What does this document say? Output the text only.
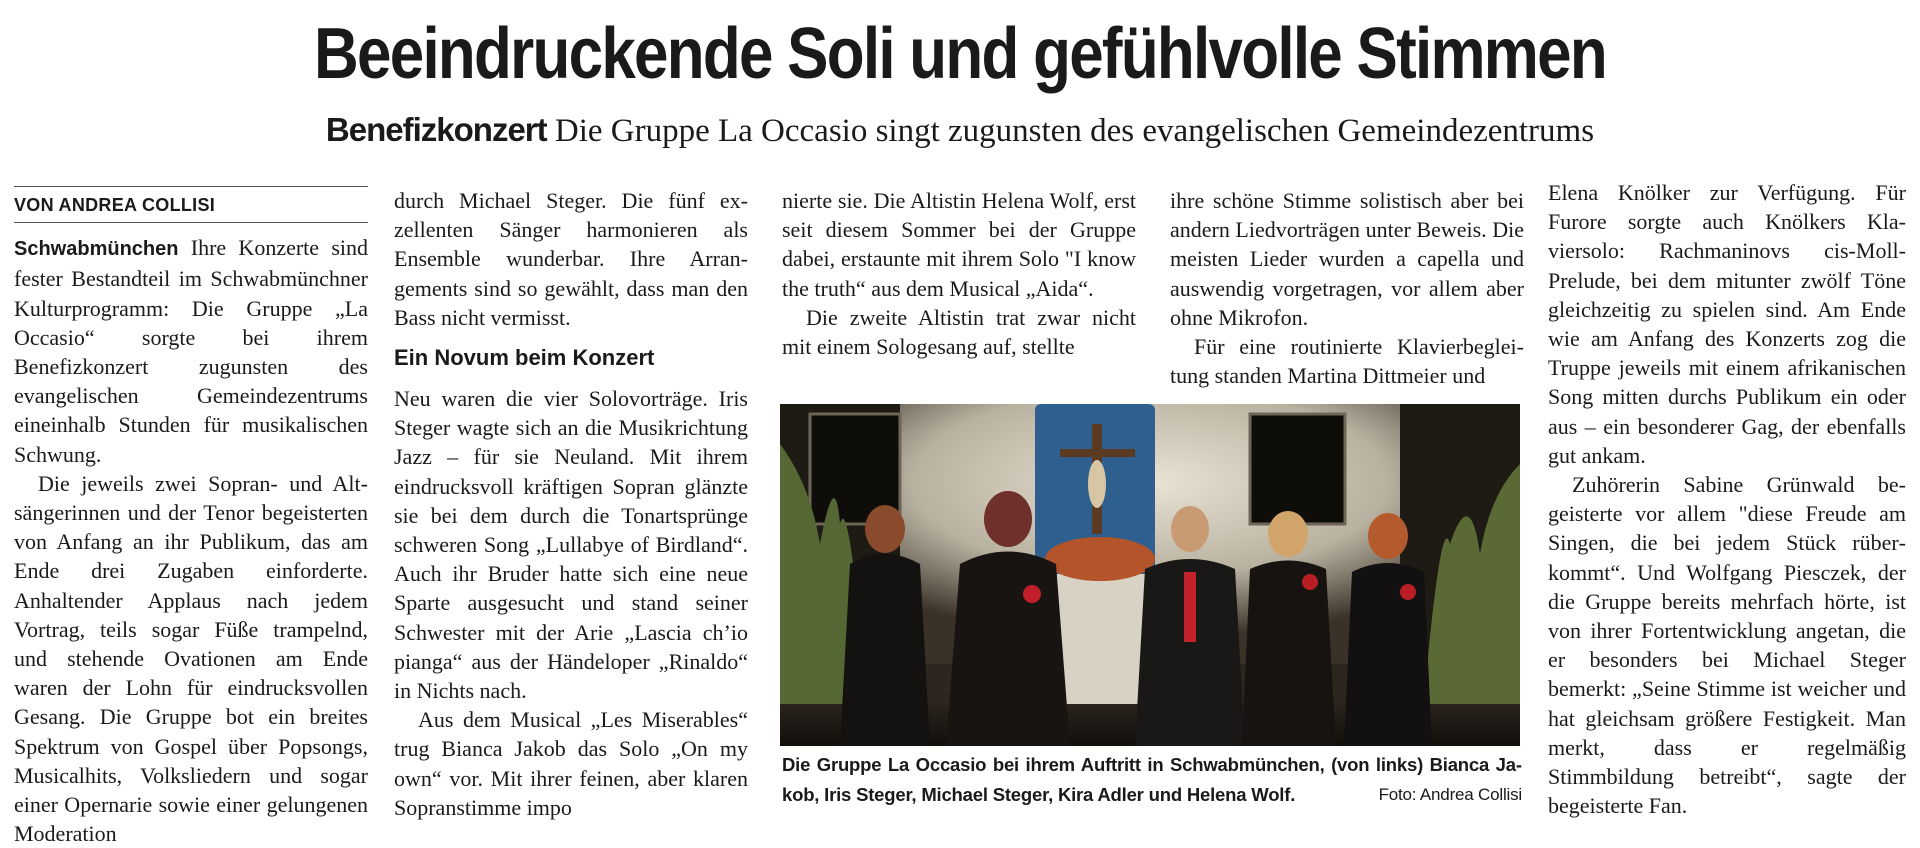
Beeindruckende Soli und gefühlvolle Stimmen
Benefizkonzert Die Gruppe La Occasio singt zugunsten des evangelischen Gemeindezentrums
VON ANDREA COLLISI

Schwabmünchen Ihre Konzerte sind fester Bestandteil im Schwabmünchner Kulturprogramm: Die Gruppe „La Occasio“ sorgte bei ihrem Benefizkonzert zugunsten des evangelischen Gemeindezentrums eineinhalb Stunden für musikalischen Schwung.

Die jeweils zwei Sopran- und Altsängerinnen und der Tenor begeisterten von Anfang an ihr Publikum, das am Ende drei Zugaben einforderte. Anhaltender Applaus nach jedem Vortrag, teils sogar Füße trampelnd, und stehende Ovationen am Ende waren der Lohn für eindrucksvollen Gesang. Die Gruppe bot ein breites Spektrum von Gospel über Popsongs, Musicalhits, Volksliedern und sogar einer Opernarie sowie einer gelungenen Moderation

durch Michael Steger. Die fünf exzellenten Sänger harmonieren als Ensemble wunderbar. Ihre Arrangements sind so gewählt, dass man den Bass nicht vermisst.

Ein Novum beim Konzert

Neu waren die vier Solovorträge. Iris Steger wagte sich an die Musikrichtung Jazz – für sie Neuland. Mit ihrem eindrucksvoll kräftigen Sopran glänzte sie bei dem durch die Tonartsprünge schweren Song „Lullabye of Birdland“. Auch ihr Bruder hatte sich eine neue Sparte ausgesucht und stand seiner Schwester mit der Arie „Lascia ch’io pianga“ aus der Händeloper „Rinaldo“ in Nichts nach.

Aus dem Musical „Les Miserables“ trug Bianca Jakob das Solo „On my own“ vor. Mit ihrer feinen, aber klaren Sopranstimme impo

nierte sie. Die Altistin Helena Wolf, erst seit diesem Sommer bei der Gruppe dabei, erstaunte mit ihrem Solo "I know the truth“ aus dem Musical „Aida“.

Die zweite Altistin trat zwar nicht mit einem Sologesang auf, stellte

ihre schöne Stimme solistisch aber bei andern Liedvorträgen unter Beweis. Die meisten Lieder wurden a capella und auswendig vorgetragen, vor allem aber ohne Mikrofon.

Für eine routinierte Klavierbegleitung standen Martina Dittmeier und

Elena Knölker zur Verfügung. Für Furore sorgte auch Knölkers Klaviersolo: Rachmaninovs cis-Moll-Prelude, bei dem mitunter zwölf Töne gleichzeitig zu spielen sind. Am Ende wie am Anfang des Konzerts zog die Truppe jeweils mit einem afrikanischen Song mitten durchs Publikum ein oder aus – ein besonderer Gag, der ebenfalls gut ankam.

Zuhörerin Sabine Grünwald begeisterte vor allem "diese Freude am Singen, die bei jedem Stück rüberkommt“. Und Wolfgang Piesczek, der die Gruppe bereits mehrfach hörte, ist von ihrer Fortentwicklung angetan, die er besonders bei Michael Steger bemerkt: „Seine Stimme ist weicher und hat gleichsam größere Festigkeit. Man merkt, dass er regelmäßig Stimmbildung betreibt“, sagte der begeisterte Fan.

Die Gruppe La Occasio bei ihrem Auftritt in Schwabmünchen, (von links) Bianca Jakob, Iris Steger, Michael Steger, Kira Adler und Helena Wolf.	Foto: Andrea Collisi
